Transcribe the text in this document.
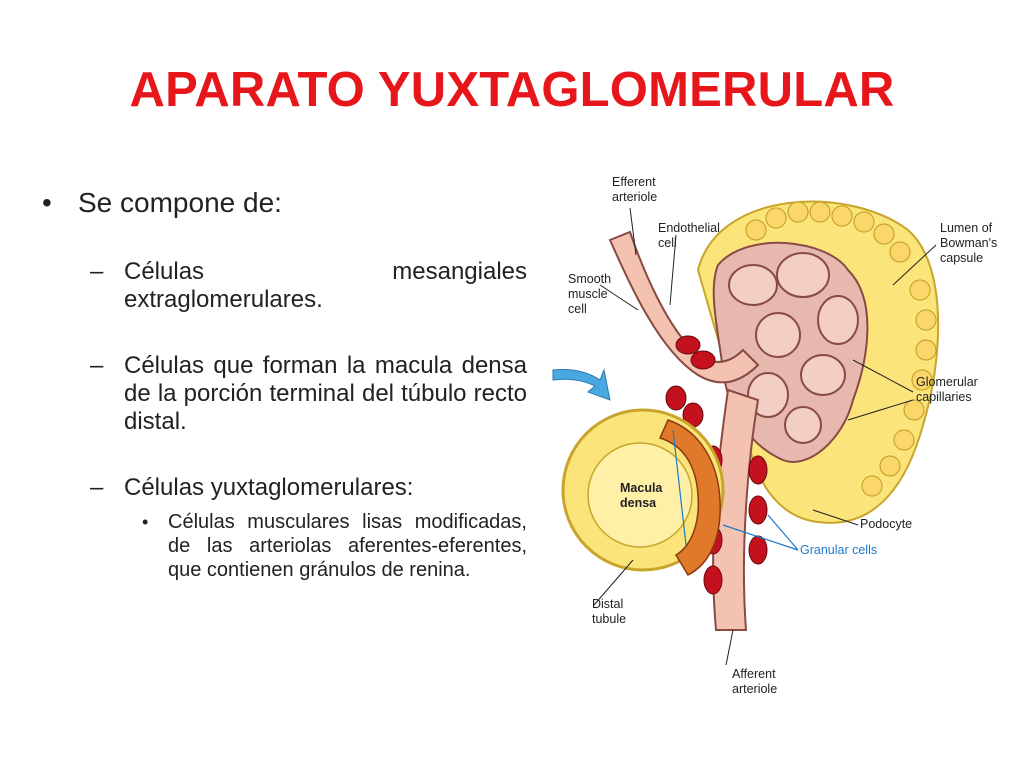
APARATO YUXTAGLOMERULAR
• Se compone de:
– Células mesangiales extraglomerulares.
– Células que forman la macula densa de la porción terminal del túbulo recto distal.
– Células yuxtaglomerulares:
• Células musculares lisas modificadas, de las arteriolas aferentes-eferentes, que contienen gránulos de renina.
Efferent arteriole
Endothelial cell
Smooth muscle cell
Lumen of Bowman's capsule
Glomerular capillaries
Macula densa
Podocyte
Granular cells
Distal tubule
Afferent arteriole
